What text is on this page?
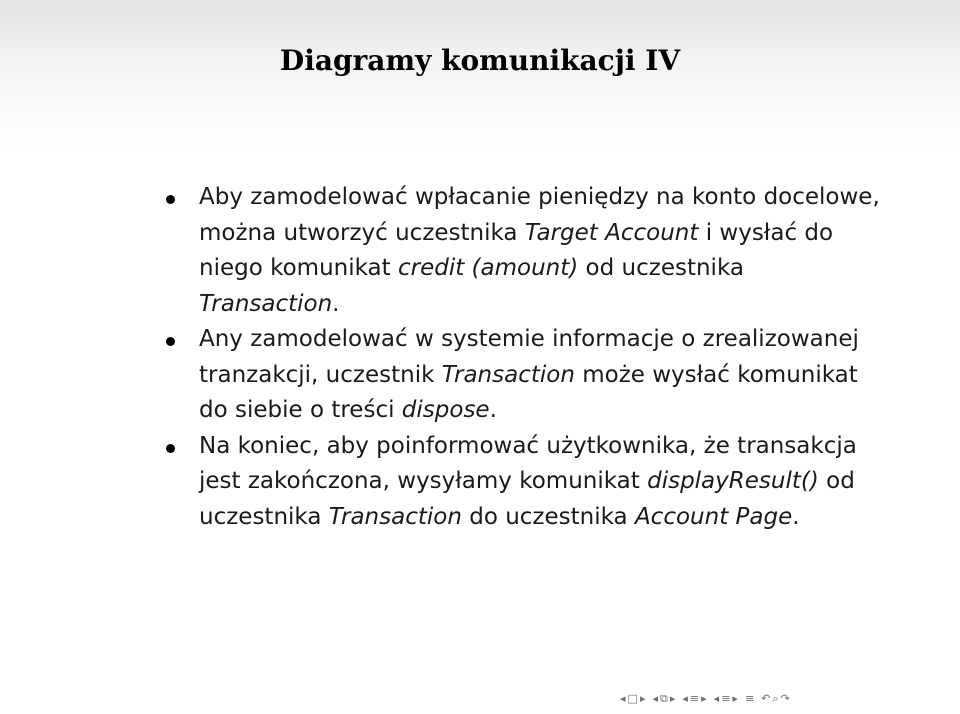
Diagramy komunikacji IV
Aby zamodelować wpłacanie pieniędzy na konto docelowe, można utworzyć uczestnika Target Account i wysłać do niego komunikat credit (amount) od uczestnika Transaction.
Any zamodelować w systemie informacje o zrealizowanej tranzakcji, uczestnik Transaction może wysłać komunikat do siebie o treści dispose.
Na koniec, aby poinformować użytkownika, że transakcja jest zakończona, wysyłamy komunikat displayResult() od uczestnika Transaction do uczestnika Account Page.
◂ □ ▸ ◂ ⧉ ▸ ◂ ≡ ▸ ◂ ≡ ▸ ≡ ↶ ⌕ ↷
